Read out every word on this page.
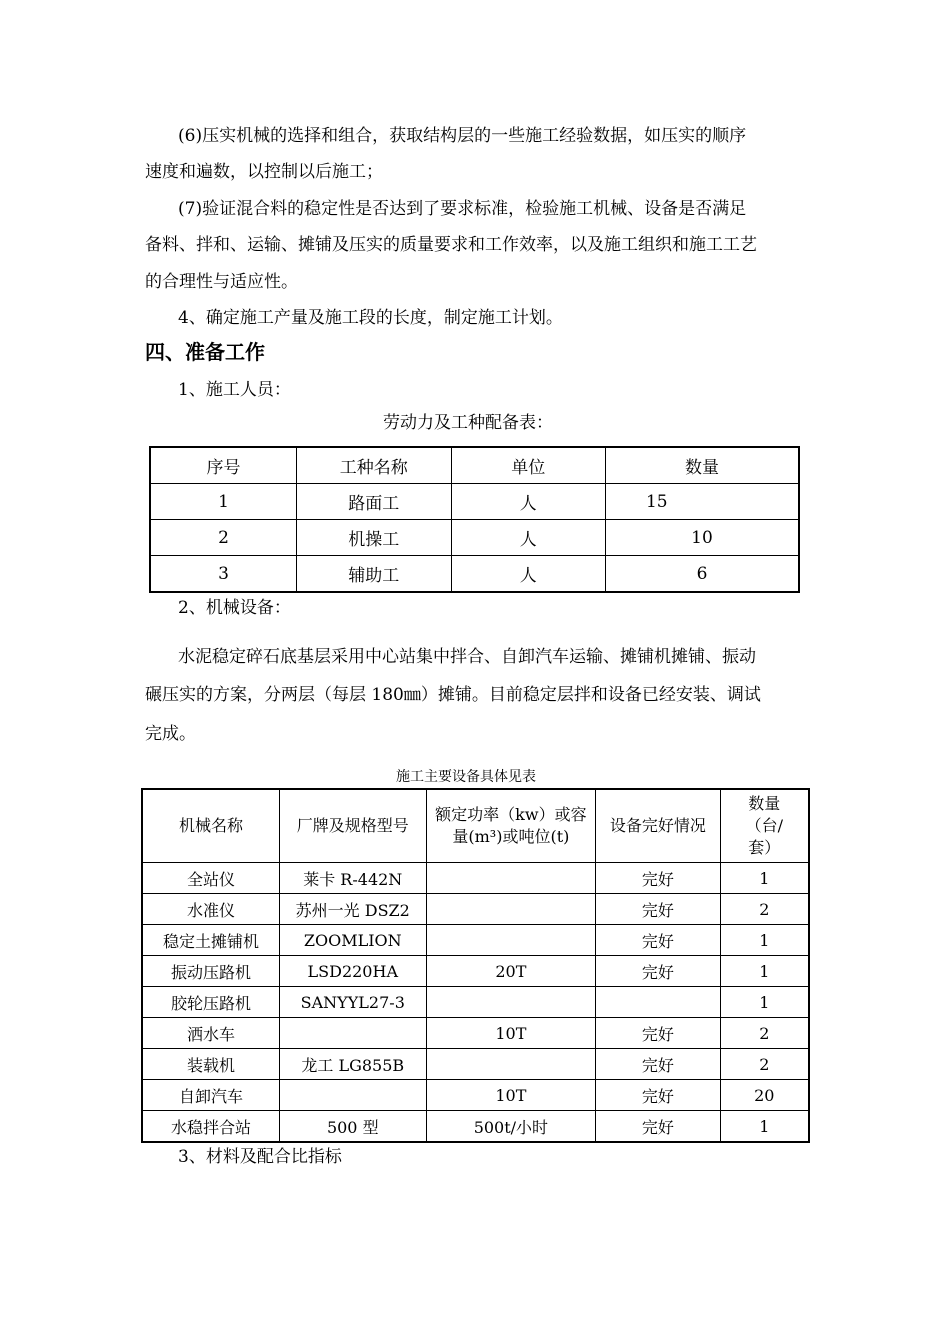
(6)压实机械的选择和组合，获取结构层的一些施工经验数据，如压实的顺序
速度和遍数，以控制以后施工；
(7)验证混合料的稳定性是否达到了要求标准，检验施工机械、设备是否满足
备料、拌和、运输、摊铺及压实的质量要求和工作效率，以及施工组织和施工工艺
的合理性与适应性。
4、确定施工产量及施工段的长度，制定施工计划。
四、准备工作
1、施工人员：
劳动力及工种配备表：
序号	工种名称	单位	数量
1	路面工	人	15
2	机操工	人	10
3	辅助工	人	6
2、机械设备：
水泥稳定碎石底基层采用中心站集中拌合、自卸汽车运输、摊铺机摊铺、振动
碾压实的方案，分两层（每层 180㎜）摊铺。目前稳定层拌和设备已经安装、调试
完成。
施工主要设备具体见表
机械名称	厂牌及规格型号	额定功率（kw）或容量(m³)或吨位(t)	设备完好情况	数量（台/套）
全站仪	莱卡 R-442N		完好	1
水准仪	苏州一光 DSZ2		完好	2
稳定土摊铺机	ZOOMLION		完好	1
振动压路机	LSD220HA	20T	完好	1
胶轮压路机	SANYYL27-3			1
洒水车		10T	完好	2
装载机	龙工 LG855B		完好	2
自卸汽车		10T	完好	20
水稳拌合站	500 型	500t/小时	完好	1
3、材料及配合比指标
